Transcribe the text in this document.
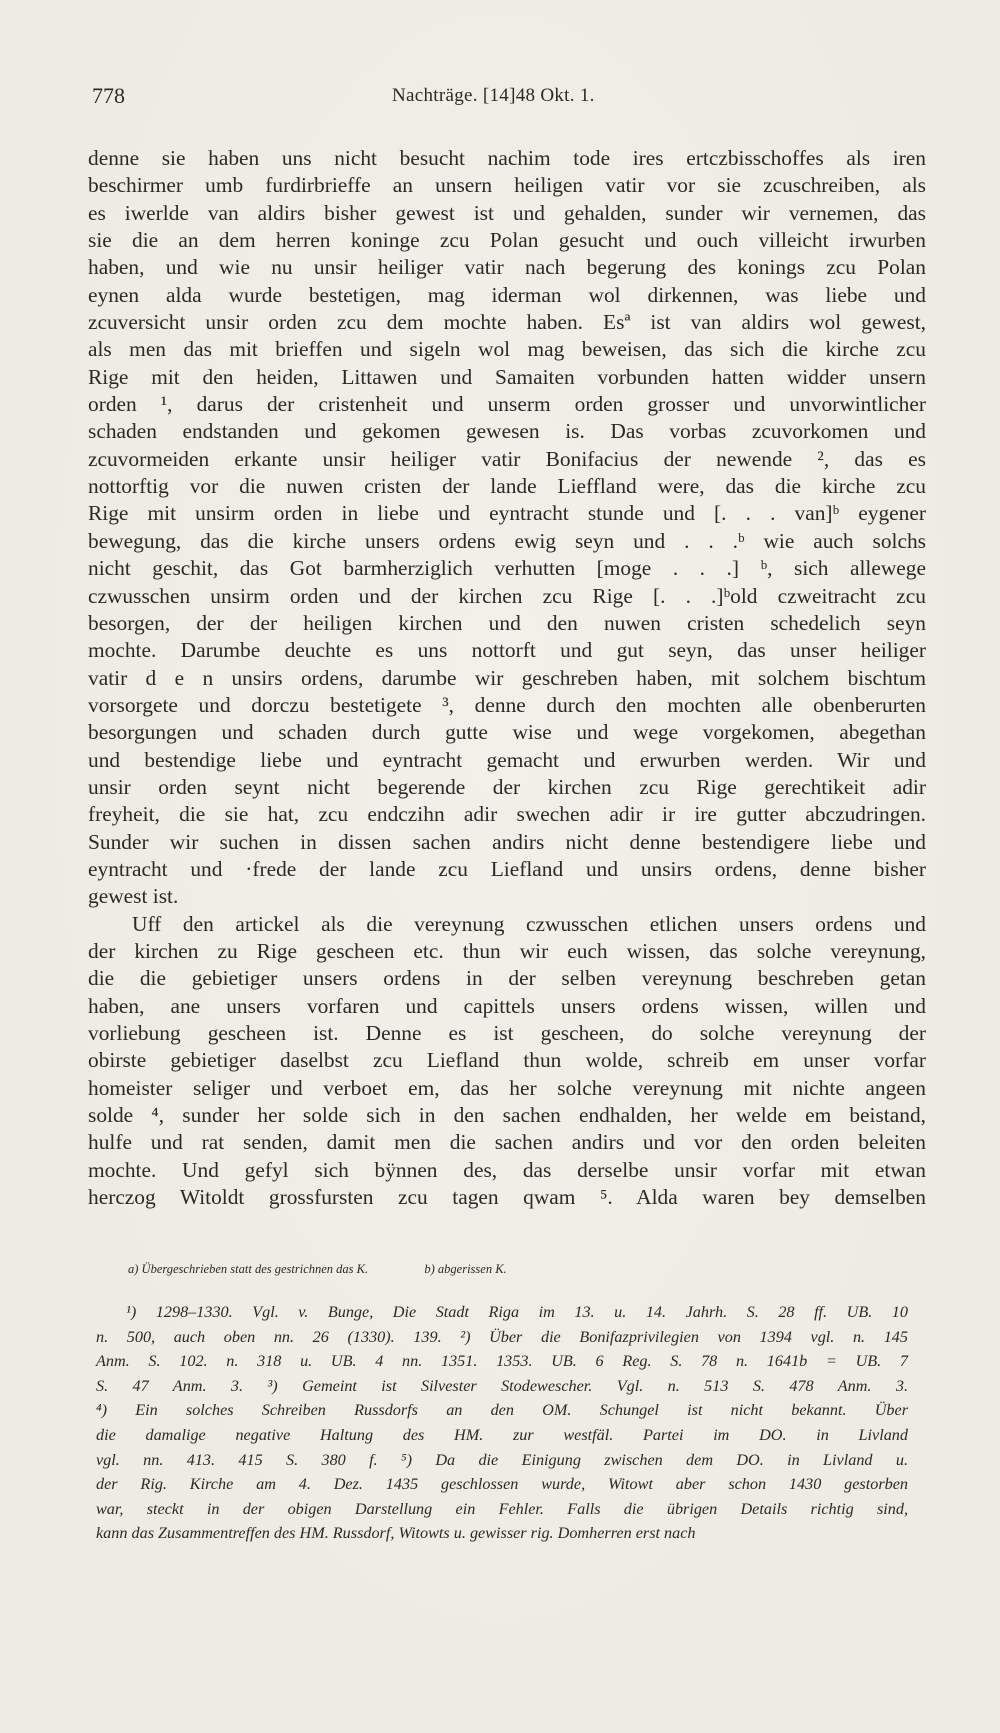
778	Nachträge. [14]48 Okt. 1.
denne sie haben uns nicht besucht nachim tode ires ertczbisschoffes als iren
beschirmer umb furdirbrieffe an unsern heiligen vatir vor sie zcuschreiben, als
es iwerlde van aldirs bisher gewest ist und gehalden, sunder wir vernemen, das
sie die an dem herren koninge zcu Polan gesucht und ouch villeicht irwurben
haben, und wie nu unsir heiliger vatir nach begerung des konings zcu Polan
eynen alda wurde bestetigen, mag iderman wol dirkennen, was liebe und
zcuversicht unsir orden zcu dem mochte haben. Esª ist van aldirs wol gewest,
als men das mit brieffen und sigeln wol mag beweisen, das sich die kirche zcu
Rige mit den heiden, Littawen und Samaiten vorbunden hatten widder unsern
orden ¹, darus der cristenheit und unserm orden grosser und unvorwintlicher
schaden endstanden und gekomen gewesen is. Das vorbas zcuvorkomen und
zcuvormeiden erkante unsir heiliger vatir Bonifacius der newende ², das es
nottorftig vor die nuwen cristen der lande Lieffland were, das die kirche zcu
Rige mit unsirm orden in liebe und eyntracht stunde und [. . . van]ᵇ eygener
bewegung, das die kirche unsers ordens ewig seyn und . . .ᵇ wie auch solchs
nicht geschit, das Got barmherziglich verhutten [moge . . .] ᵇ, sich allewege
czwusschen unsirm orden und der kirchen zcu Rige [. . .]ᵇold czweitracht zcu
besorgen, der der heiligen kirchen und den nuwen cristen schedelich seyn
mochte. Darumbe deuchte es uns nottorft und gut seyn, das unser heiliger
vatir d e n unsirs ordens, darumbe wir geschreben haben, mit solchem bischtum
vorsorgete und dorczu bestetigete ³, denne durch den mochten alle obenberurten
besorgungen und schaden durch gutte wise und wege vorgekomen, abegethan
und bestendige liebe und eyntracht gemacht und erwurben werden. Wir und
unsir orden seynt nicht begerende der kirchen zcu Rige gerechtikeit adir
freyheit, die sie hat, zcu endczihn adir swechen adir ir ire gutter abczudringen.
Sunder wir suchen in dissen sachen andirs nicht denne bestendigere liebe und
eyntracht und ·frede der lande zcu Liefland und unsirs ordens, denne bisher
gewest ist.
Uff den artickel als die vereynung czwusschen etlichen unsers ordens und
der kirchen zu Rige gescheen etc. thun wir euch wissen, das solche vereynung,
die die gebietiger unsers ordens in der selben vereynung beschreben getan
haben, ane unsers vorfaren und capittels unsers ordens wissen, willen und
vorliebung gescheen ist. Denne es ist gescheen, do solche vereynung der
obirste gebietiger daselbst zcu Liefland thun wolde, schreib em unser vorfar
homeister seliger und verboet em, das her solche vereynung mit nichte angeen
solde ⁴, sunder her solde sich in den sachen endhalden, her welde em beistand,
hulfe und rat senden, damit men die sachen andirs und vor den orden beleiten
mochte. Und gefyl sich bÿnnen des, das derselbe unsir vorfar mit etwan
herczog Witoldt grossfursten zcu tagen qwam ⁵. Alda waren bey demselben
a) Übergeschrieben statt des gestrichnen das K.	b) abgerissen K.
¹) 1298–1330. Vgl. v. Bunge, Die Stadt Riga im 13. u. 14. Jahrh. S. 28 ff. UB. 10
n. 500, auch oben nn. 26 (1330). 139. ²) Über die Bonifazprivilegien von 1394 vgl. n. 145
Anm. S. 102. n. 318 u. UB. 4 nn. 1351. 1353. UB. 6 Reg. S. 78 n. 1641b = UB. 7
S. 47 Anm. 3. ³) Gemeint ist Silvester Stodewescher. Vgl. n. 513 S. 478 Anm. 3.
⁴) Ein solches Schreiben Russdorfs an den OM. Schungel ist nicht bekannt. Über
die damalige negative Haltung des HM. zur westfäl. Partei im DO. in Livland
vgl. nn. 413. 415 S. 380 f. ⁵) Da die Einigung zwischen dem DO. in Livland u.
der Rig. Kirche am 4. Dez. 1435 geschlossen wurde, Witowt aber schon 1430 gestorben
war, steckt in der obigen Darstellung ein Fehler. Falls die übrigen Details richtig sind,
kann das Zusammentreffen des HM. Russdorf, Witowts u. gewisser rig. Domherren erst nach
